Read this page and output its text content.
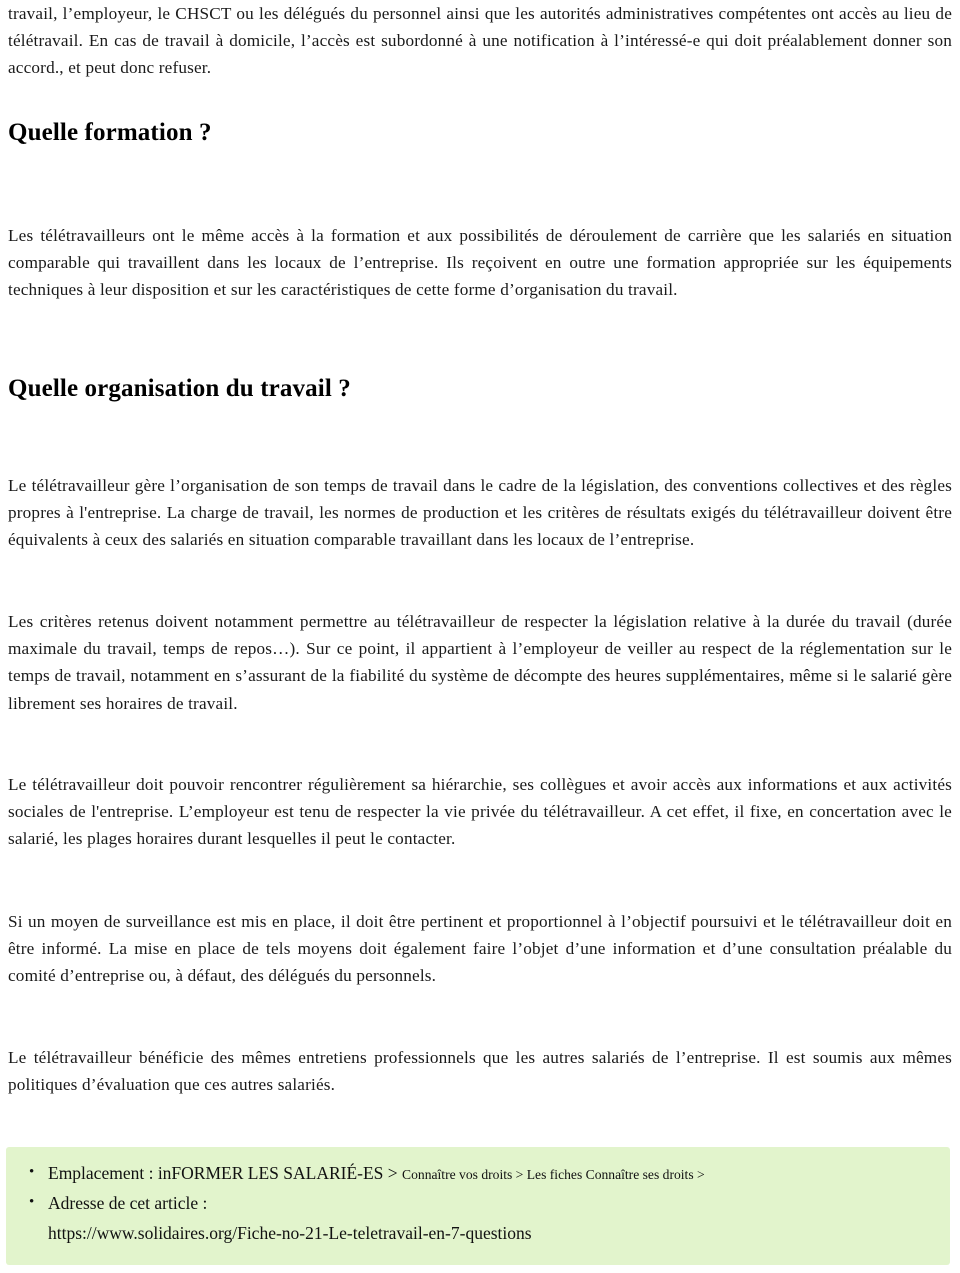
travail, l’employeur, le CHSCT ou les délégués du personnel ainsi que les autorités administratives compétentes ont accès au lieu de télétravail. En cas de travail à domicile, l’accès est subordonné à une notification à l’intéressé-e qui doit préalablement donner son accord., et peut donc refuser.

Quelle formation ?

Les télétravailleurs ont le même accès à la formation et aux possibilités de déroulement de carrière que les salariés en situation comparable qui travaillent dans les locaux de l’entreprise. Ils reçoivent en outre une formation appropriée sur les équipements techniques à leur disposition et sur les caractéristiques de cette forme d’organisation du travail.

Quelle organisation du travail ?

Le télétravailleur gère l’organisation de son temps de travail dans le cadre de la législation, des conventions collectives et des règles propres à l'entreprise. La charge de travail, les normes de production et les critères de résultats exigés du télétravailleur doivent être équivalents à ceux des salariés en situation comparable travaillant dans les locaux de l’entreprise.

Les critères retenus doivent notamment permettre au télétravailleur de respecter la législation relative à la durée du travail (durée maximale du travail, temps de repos…). Sur ce point, il appartient à l’employeur de veiller au respect de la réglementation sur le temps de travail, notamment en s’assurant de la fiabilité du système de décompte des heures supplémentaires, même si le salarié gère librement ses horaires de travail.

Le télétravailleur doit pouvoir rencontrer régulièrement sa hiérarchie, ses collègues et avoir accès aux informations et aux activités sociales de l'entreprise. L’employeur est tenu de respecter la vie privée du télétravailleur. A cet effet, il fixe, en concertation avec le salarié, les plages horaires durant lesquelles il peut le contacter.

Si un moyen de surveillance est mis en place, il doit être pertinent et proportionnel à l’objectif poursuivi et le télétravailleur doit en être informé. La mise en place de tels moyens doit également faire l’objet d’une information et d’une consultation préalable du comité d’entreprise ou, à défaut, des délégués du personnels.

Le télétravailleur bénéficie des mêmes entretiens professionnels que les autres salariés de l’entreprise. Il est soumis aux mêmes politiques d’évaluation que ces autres salariés.

• Emplacement : inFORMER LES SALARIÉ-ES > Connaître vos droits > Les fiches Connaître ses droits >
• Adresse de cet article :
https://www.solidaires.org/Fiche-no-21-Le-teletravail-en-7-questions
